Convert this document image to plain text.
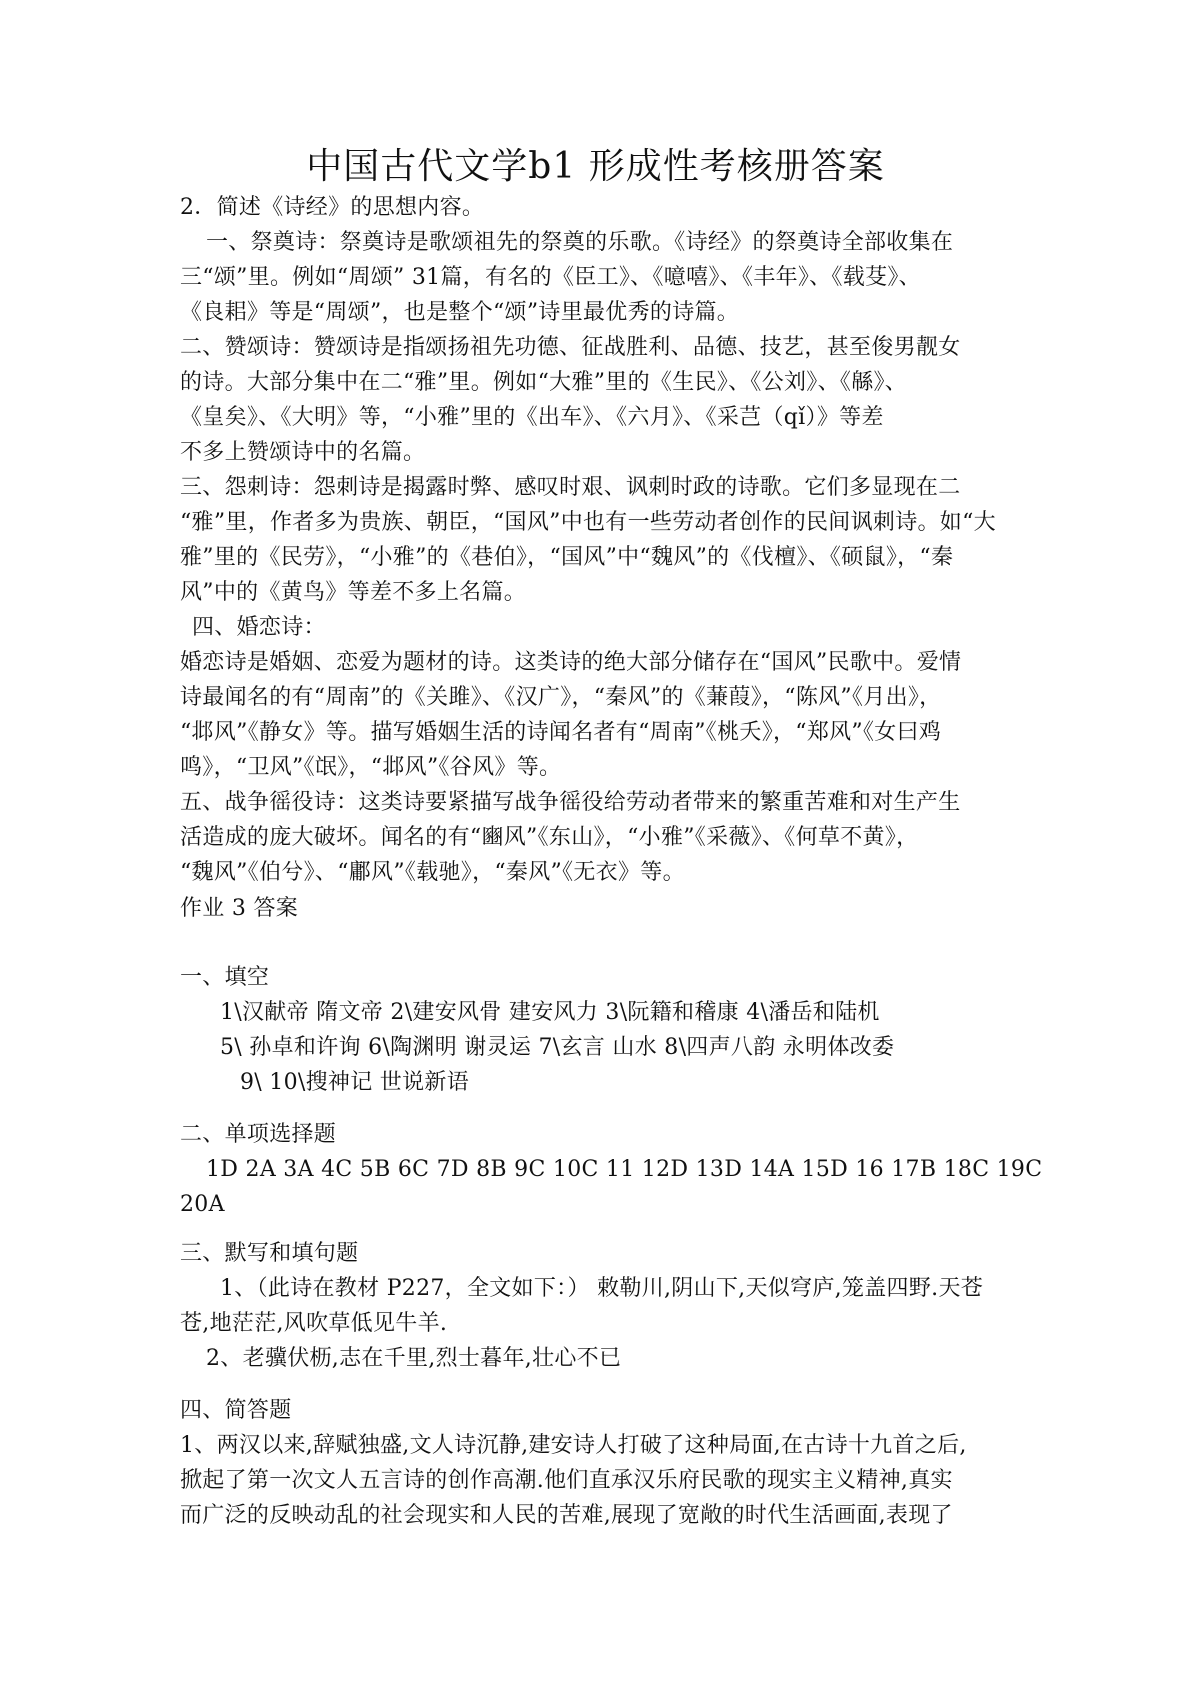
中国古代文学b1 形成性考核册答案

2．简述《诗经》的思想内容。

一、祭奠诗：祭奠诗是歌颂祖先的祭奠的乐歌。《诗经》的祭奠诗全部收集在

三“颂”里。例如“周颂” 31篇，有名的《臣工》、《噫嘻》、《丰年》、《载芟》、

《良耜》等是“周颂”，也是整个“颂”诗里最优秀的诗篇。

二、赞颂诗：赞颂诗是指颂扬祖先功德、征战胜利、品德、技艺，甚至俊男靓女

的诗。大部分集中在二“雅”里。例如“大雅”里的《生民》、《公刘》、《緜》、

《皇矣》、《大明》等，“小雅”里的《出车》、《六月》、《采芑（qǐ）》等差

不多上赞颂诗中的名篇。

三、怨刺诗：怨刺诗是揭露时弊、感叹时艰、讽刺时政的诗歌。它们多显现在二

“雅”里，作者多为贵族、朝臣，“国风”中也有一些劳动者创作的民间讽刺诗。如“大

雅”里的《民劳》，“小雅”的《巷伯》，“国风”中“魏风”的《伐檀》、《硕鼠》，“秦

风”中的《黄鸟》等差不多上名篇。

四、婚恋诗：

婚恋诗是婚姻、恋爱为题材的诗。这类诗的绝大部分储存在“国风”民歌中。爱情

诗最闻名的有“周南”的《关雎》、《汉广》，“秦风”的《蒹葭》，“陈风”《月出》，

“邶风”《静女》等。描写婚姻生活的诗闻名者有“周南”《桃夭》，“郑风”《女曰鸡

鸣》，“卫风”《氓》，“邶风”《谷风》等。

五、战争徭役诗：这类诗要紧描写战争徭役给劳动者带来的繁重苦难和对生产生

活造成的庞大破坏。闻名的有“豳风”《东山》，“小雅”《采薇》、《何草不黄》，

“魏风”《伯兮》、“鄘风”《载驰》，“秦风”《无衣》等。

作业 3 答案

一、填空

1\汉献帝 隋文帝 2\建安风骨 建安风力 3\阮籍和稽康 4\潘岳和陆机

5\ 孙卓和许询 6\陶渊明 谢灵运 7\玄言 山水 8\四声八韵 永明体改委

9\ 10\搜神记 世说新语

二、单项选择题

1D 2A 3A 4C 5B 6C 7D 8B 9C 10C 11 12D 13D 14A 15D 16 17B 18C 19C

20A

三、默写和填句题

1、（此诗在教材 P227，全文如下：） 敕勒川,阴山下,天似穹庐,笼盖四野.天苍

苍,地茫茫,风吹草低见牛羊.

2、老骥伏枥,志在千里,烈士暮年,壮心不已

四、简答题

1、两汉以来,辞赋独盛,文人诗沉静,建安诗人打破了这种局面,在古诗十九首之后,

掀起了第一次文人五言诗的创作高潮.他们直承汉乐府民歌的现实主义精神,真实

而广泛的反映动乱的社会现实和人民的苦难,展现了宽敞的时代生活画面,表现了
